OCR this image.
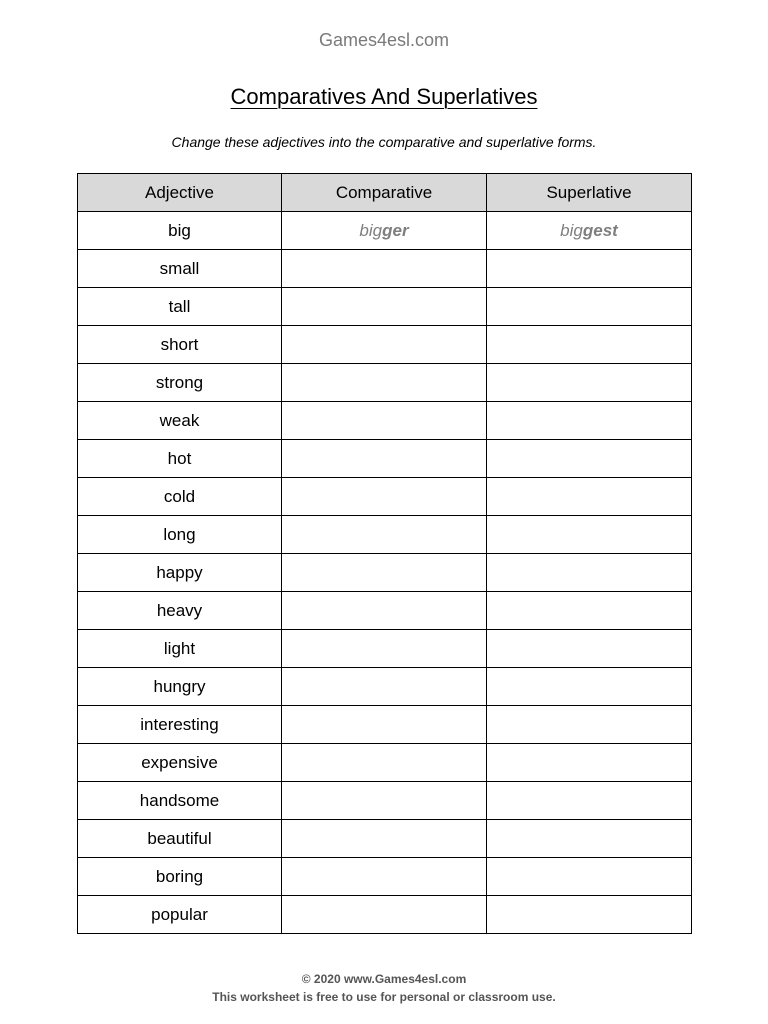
Games4esl.com
Comparatives And Superlatives
Change these adjectives into the comparative and superlative forms.
Adjective	Comparative	Superlative
big	bigger	biggest
small		
tall		
short		
strong		
weak		
hot		
cold		
long		
happy		
heavy		
light		
hungry		
interesting		
expensive		
handsome		
beautiful		
boring		
popular		
© 2020 www.Games4esl.com
This worksheet is free to use for personal or classroom use.
